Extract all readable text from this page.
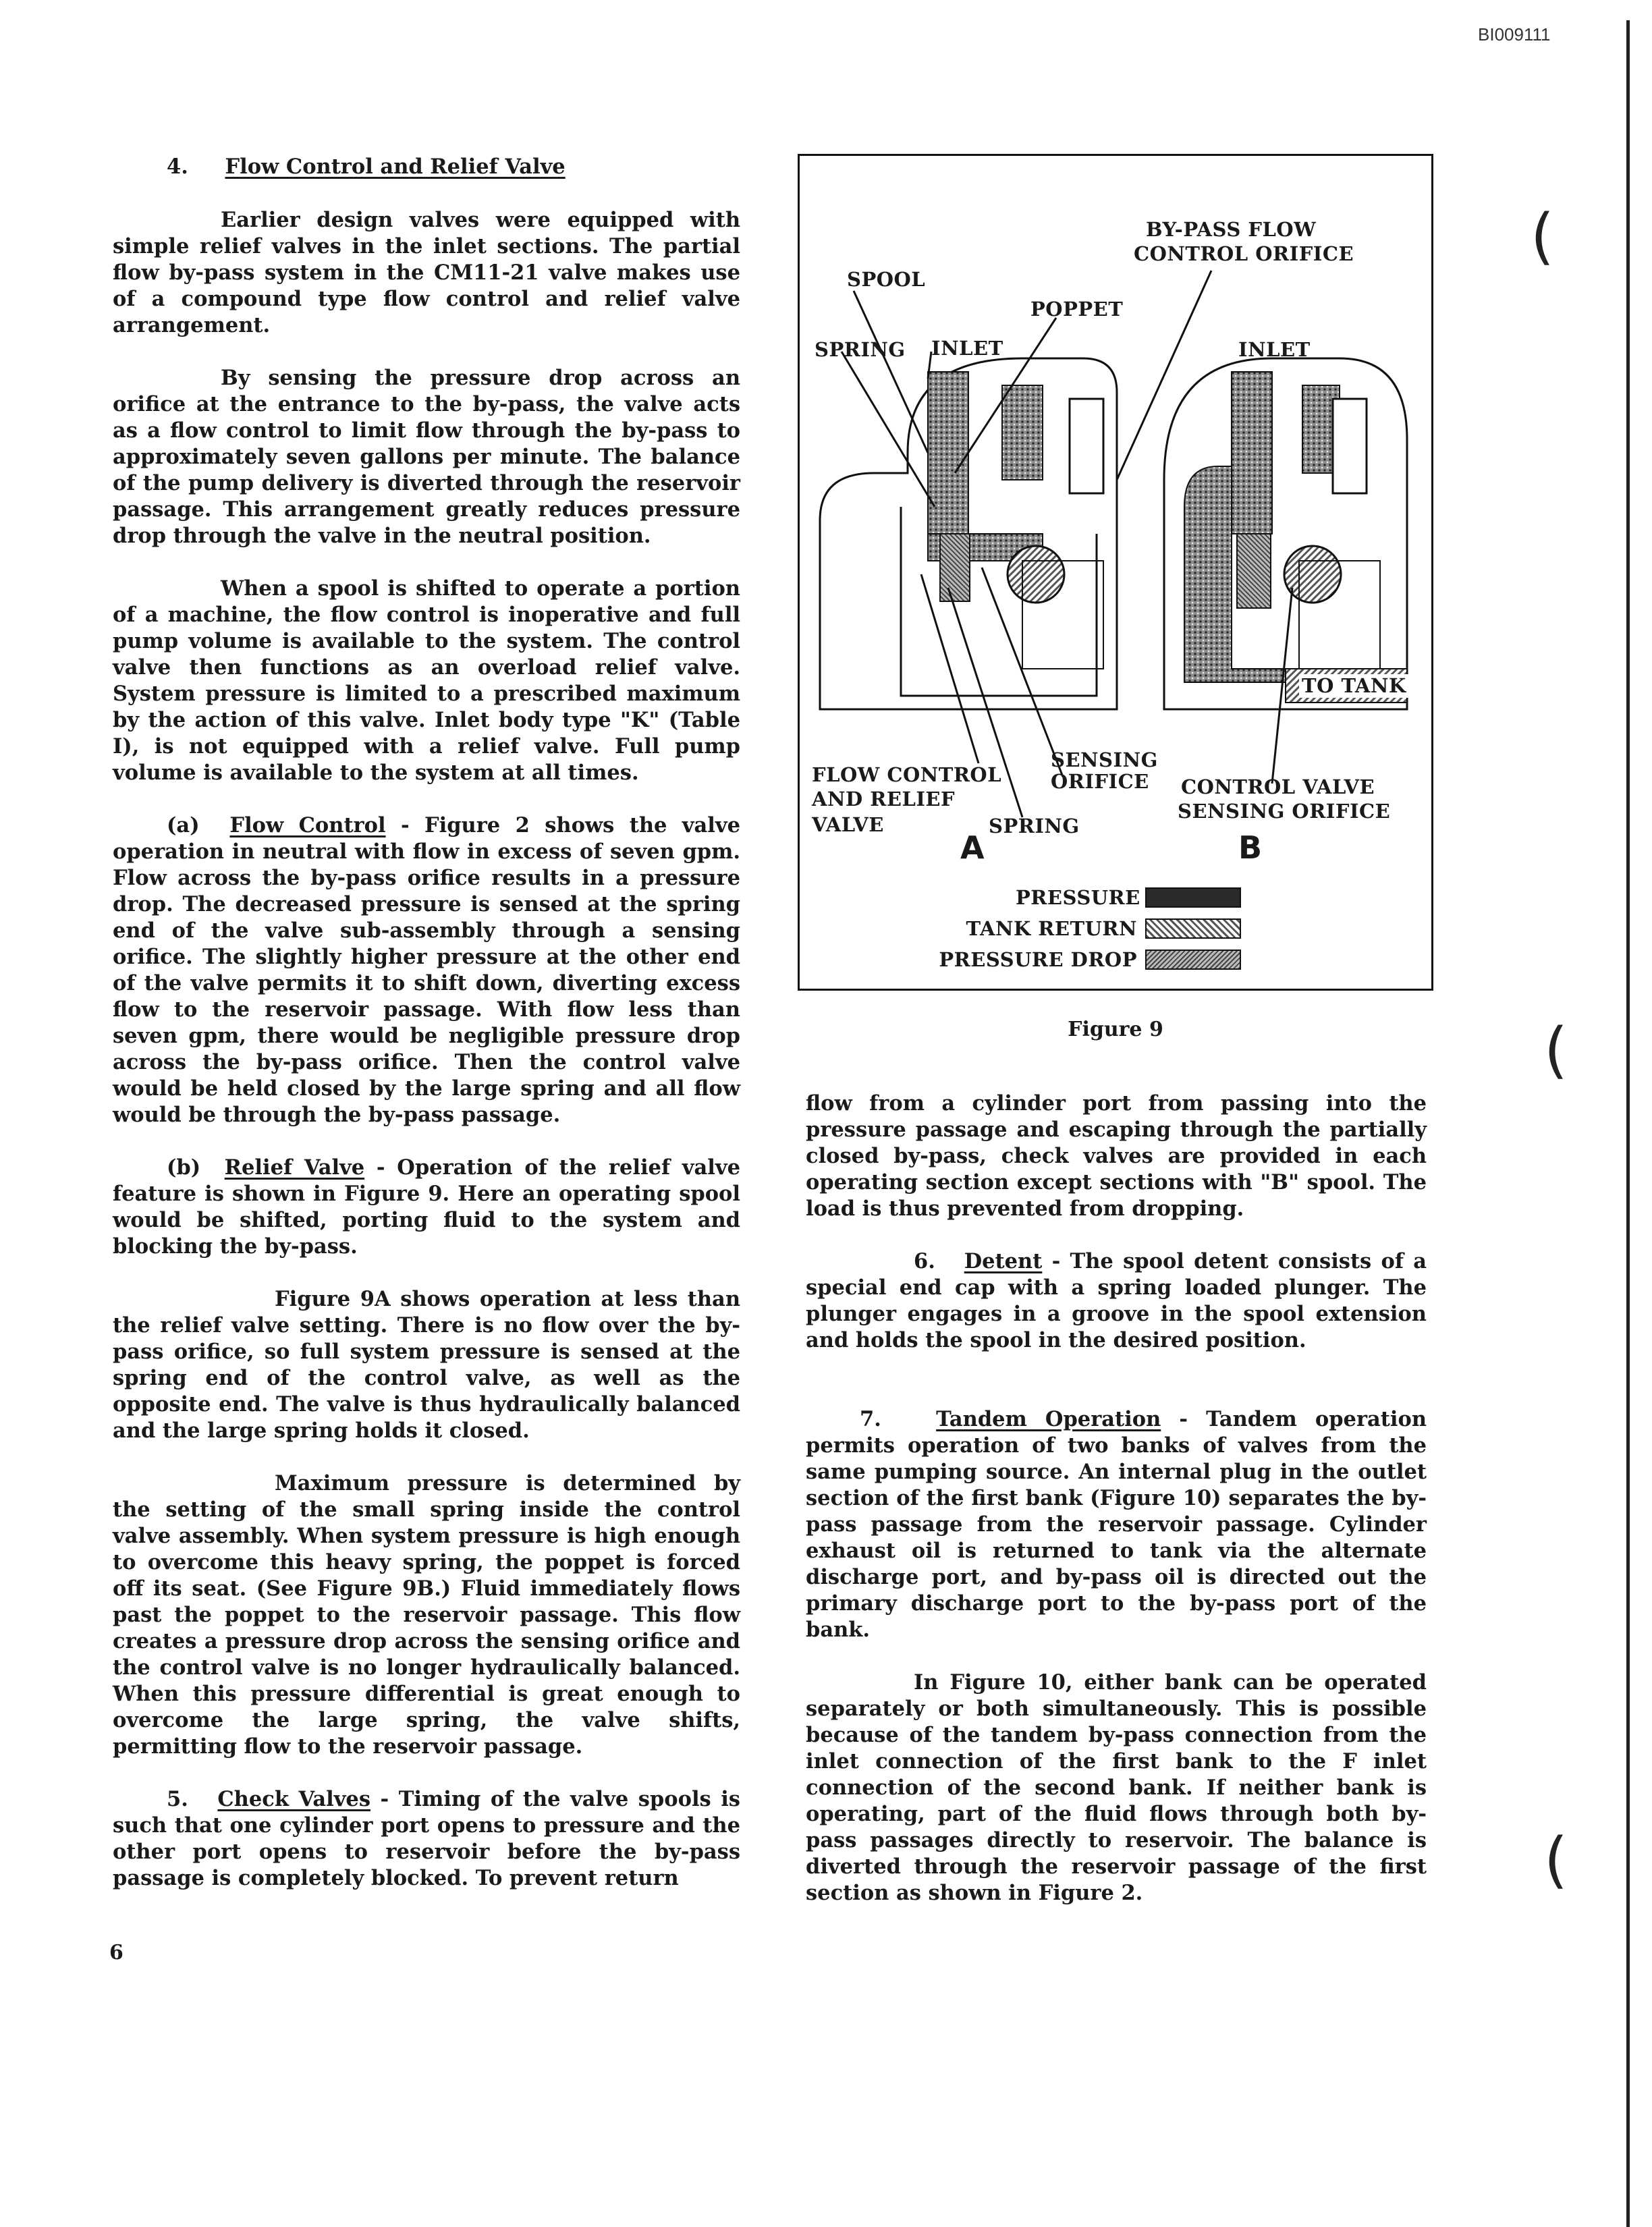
BI009111
(
(
(
4. Flow Control and Relief Valve

Earlier design valves were equipped with simple relief valves in the inlet sections. The partial flow by-pass system in the CM11-21 valve makes use of a compound type flow control and relief valve arrangement.

By sensing the pressure drop across an orifice at the entrance to the by-pass, the valve acts as a flow control to limit flow through the by-pass to approximately seven gallons per minute. The balance of the pump delivery is diverted through the reservoir passage. This arrangement greatly reduces pressure drop through the valve in the neutral position.

When a spool is shifted to operate a portion of a machine, the flow control is inoperative and full pump volume is available to the system. The control valve then functions as an overload relief valve. System pressure is limited to a prescribed maximum by the action of this valve. Inlet body type "K" (Table I), is not equipped with a relief valve. Full pump volume is available to the system at all times.

(a) Flow Control - Figure 2 shows the valve operation in neutral with flow in excess of seven gpm. Flow across the by-pass orifice results in a pressure drop. The decreased pressure is sensed at the spring end of the valve sub-assembly through a sensing orifice. The slightly higher pressure at the other end of the valve permits it to shift down, diverting excess flow to the reservoir passage. With flow less than seven gpm, there would be negligible pressure drop across the by-pass orifice. Then the control valve would be held closed by the large spring and all flow would be through the by-pass passage.

(b) Relief Valve - Operation of the relief valve feature is shown in Figure 9. Here an operating spool would be shifted, porting fluid to the system and blocking the by-pass.

Figure 9A shows operation at less than the relief valve setting. There is no flow over the by-pass orifice, so full system pressure is sensed at the spring end of the control valve, as well as the opposite end. The valve is thus hydraulically balanced and the large spring holds it closed.

Maximum pressure is determined by the setting of the small spring inside the control valve assembly. When system pressure is high enough to overcome this heavy spring, the poppet is forced off its seat. (See Figure 9B.) Fluid immediately flows past the poppet to the reservoir passage. This flow creates a pressure drop across the sensing orifice and the control valve is no longer hydraulically balanced. When this pressure differential is great enough to overcome the large spring, the valve shifts, permitting flow to the reservoir passage.

5. Check Valves - Timing of the valve spools is such that one cylinder port opens to pressure and the other port opens to reservoir before the by-pass passage is completely blocked. To prevent return

6
BY-PASS FLOW
CONTROL ORIFICE
SPOOL
POPPET
SPRING INLET	INLET
TO TANK
FLOW CONTROL
AND RELIEF
VALVE
SENSING
ORIFICE
SPRING
CONTROL VALVE
SENSING ORIFICE
A	B
PRESSURE
TANK RETURN
PRESSURE DROP
Figure 9

flow from a cylinder port from passing into the pressure passage and escaping through the partially closed by-pass, check valves are provided in each operating section except sections with "B" spool. The load is thus prevented from dropping.

6. Detent - The spool detent consists of a special end cap with a spring loaded plunger. The plunger engages in a groove in the spool extension and holds the spool in the desired position.

7.	Tandem Operation - Tandem operation permits operation of two banks of valves from the same pumping source. An internal plug in the outlet section of the first bank (Figure 10) separates the by-pass passage from the reservoir passage. Cylinder exhaust oil is returned to tank via the alternate discharge port, and by-pass oil is directed out the primary discharge port to the by-pass port of the bank.

In Figure 10, either bank can be operated separately or both simultaneously. This is possible because of the tandem by-pass connection from the inlet connection of the first bank to the F inlet connection of the second bank. If neither bank is operating, part of the fluid flows through both by-pass passages directly to reservoir. The balance is diverted through the reservoir passage of the first section as shown in Figure 2.
